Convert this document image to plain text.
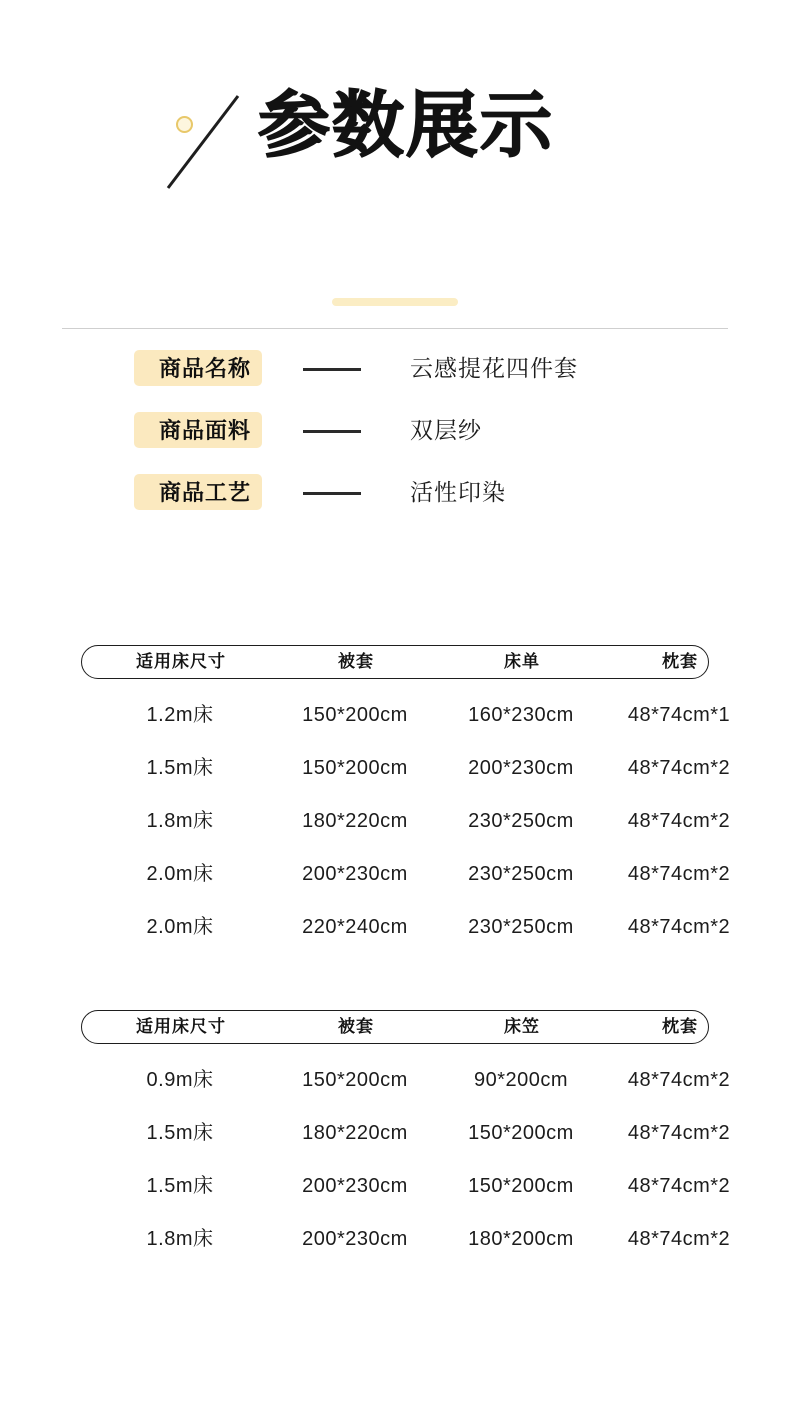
参数展示
商品名称	云感提花四件套
商品面料	双层纱
商品工艺	活性印染
适用床尺寸	被套	床单	枕套
1.2m床	150*200cm	160*230cm	48*74cm*1
1.5m床	150*200cm	200*230cm	48*74cm*2
1.8m床	180*220cm	230*250cm	48*74cm*2
2.0m床	200*230cm	230*250cm	48*74cm*2
2.0m床	220*240cm	230*250cm	48*74cm*2
适用床尺寸	被套	床笠	枕套
0.9m床	150*200cm	90*200cm	48*74cm*2
1.5m床	180*220cm	150*200cm	48*74cm*2
1.5m床	200*230cm	150*200cm	48*74cm*2
1.8m床	200*230cm	180*200cm	48*74cm*2
